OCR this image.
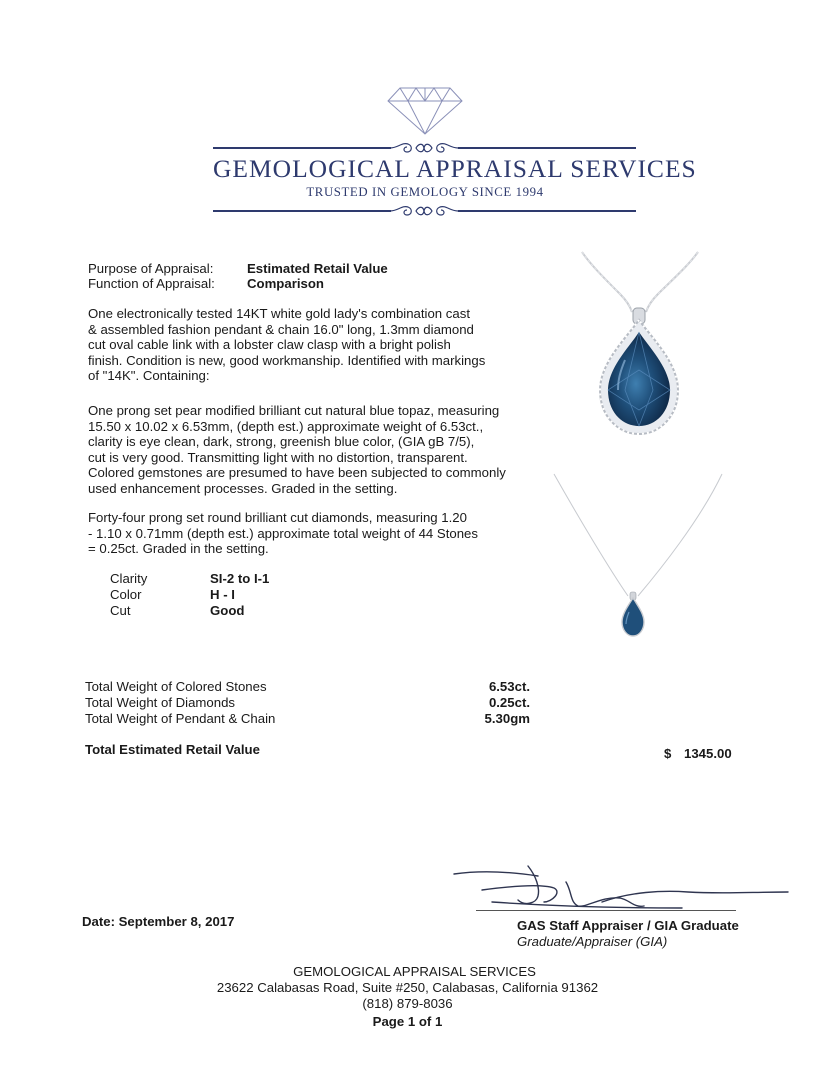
GEMOLOGICAL APPRAISAL SERVICES
TRUSTED IN GEMOLOGY SINCE 1994
Purpose of Appraisal:	Estimated Retail Value
Function of Appraisal: Comparison
One electronically tested 14KT white gold lady's combination cast
& assembled fashion pendant & chain 16.0" long, 1.3mm diamond
cut oval cable link with a lobster claw clasp with a bright polish
finish. Condition is new, good workmanship. Identified with markings
of "14K". Containing:
One prong set pear modified brilliant cut natural blue topaz, measuring
15.50 x 10.02 x 6.53mm, (depth est.) approximate weight of 6.53ct.,
clarity is eye clean, dark, strong, greenish blue color, (GIA gB 7/5),
cut is very good. Transmitting light with no distortion, transparent.
Colored gemstones are presumed to have been subjected to commonly
used enhancement processes. Graded in the setting.
Forty-four prong set round brilliant cut diamonds, measuring 1.20
- 1.10 x 0.71mm (depth est.) approximate total weight of 44 Stones
= 0.25ct. Graded in the setting.
Clarity	SI-2 to I-1
Color	H - I
Cut	Good
Total Weight of Colored Stones	6.53ct.
Total Weight of Diamonds	0.25ct.
Total Weight of Pendant & Chain	5.30gm
Total Estimated Retail Value	$ 1345.00
Date: September 8, 2017	GAS Staff Appraiser / GIA Graduate
Graduate/Appraiser (GIA)
GEMOLOGICAL APPRAISAL SERVICES
23622 Calabasas Road, Suite #250, Calabasas, California 91362
(818) 879-8036
Page 1 of 1
